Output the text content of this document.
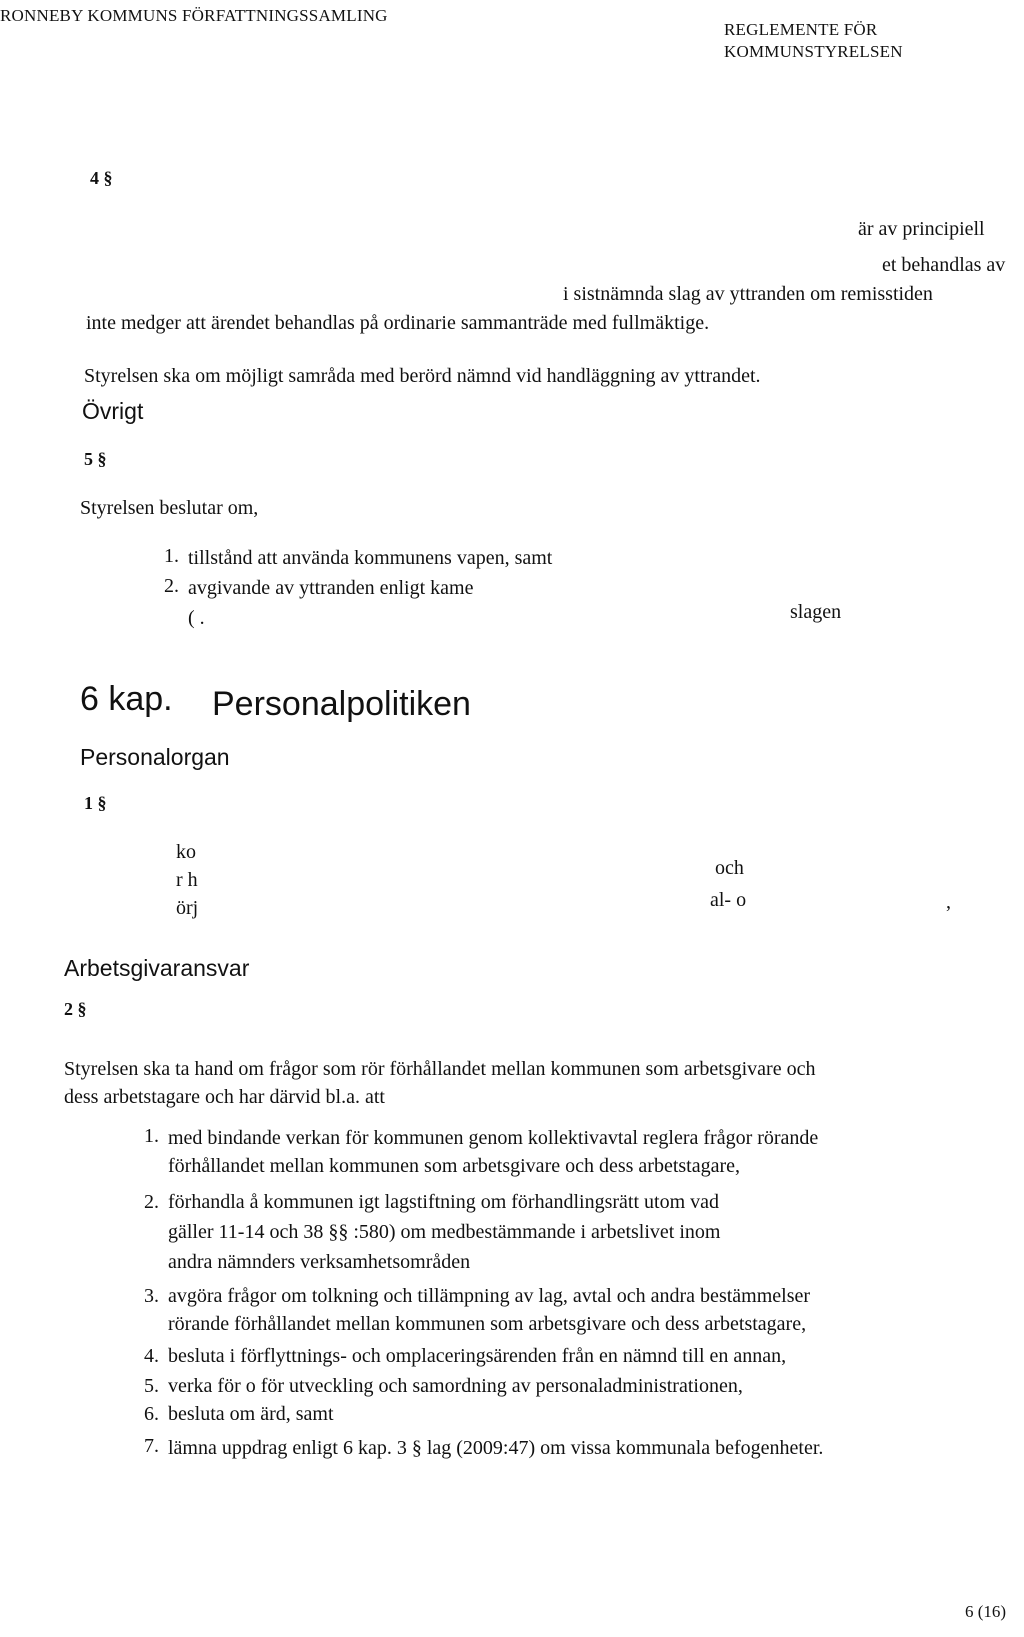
RONNEBY KOMMUNS FÖRFATTNINGSSAMLING
REGLEMENTE FÖR
KOMMUNSTYRELSEN
4 §
är av principiell
et behandlas av
i sistnämnda slag av yttranden om remisstiden
inte medger att ärendet behandlas på ordinarie sammanträde med fullmäktige.
Styrelsen ska om möjligt samråda med berörd nämnd vid handläggning av yttrandet.
Övrigt
5 §
Styrelsen beslutar om,
1. tillstånd att använda kommunens vapen, samt
2. avgivande av yttranden enligt kame
slagen
( .
6 kap. Personalpolitiken
Personalorgan
1 §
ko
r h
örj
och
al- o	,
Arbetsgivaransvar
2 §
Styrelsen ska ta hand om frågor som rör förhållandet mellan kommunen som arbetsgivare och
dess arbetstagare och har därvid bl.a. att
1. med bindande verkan för kommunen genom kollektivavtal reglera frågor rörande
förhållandet mellan kommunen som arbetsgivare och dess arbetstagare,
2. förhandla å kommunen igt lagstiftning om förhandlingsrätt utom vad
gäller 11-14 och 38 §§ :580) om medbestämmande i arbetslivet inom
andra nämnders verksamhetsområden
3. avgöra frågor om tolkning och tillämpning av lag, avtal och andra bestämmelser
rörande förhållandet mellan kommunen som arbetsgivare och dess arbetstagare,
4. besluta i förflyttnings- och omplaceringsärenden från en nämnd till en annan,
5. verka för o för utveckling och samordning av personaladministrationen,
6. besluta om ärd, samt
7. lämna uppdrag enligt 6 kap. 3 § lag (2009:47) om vissa kommunala befogenheter.
6 (16)
